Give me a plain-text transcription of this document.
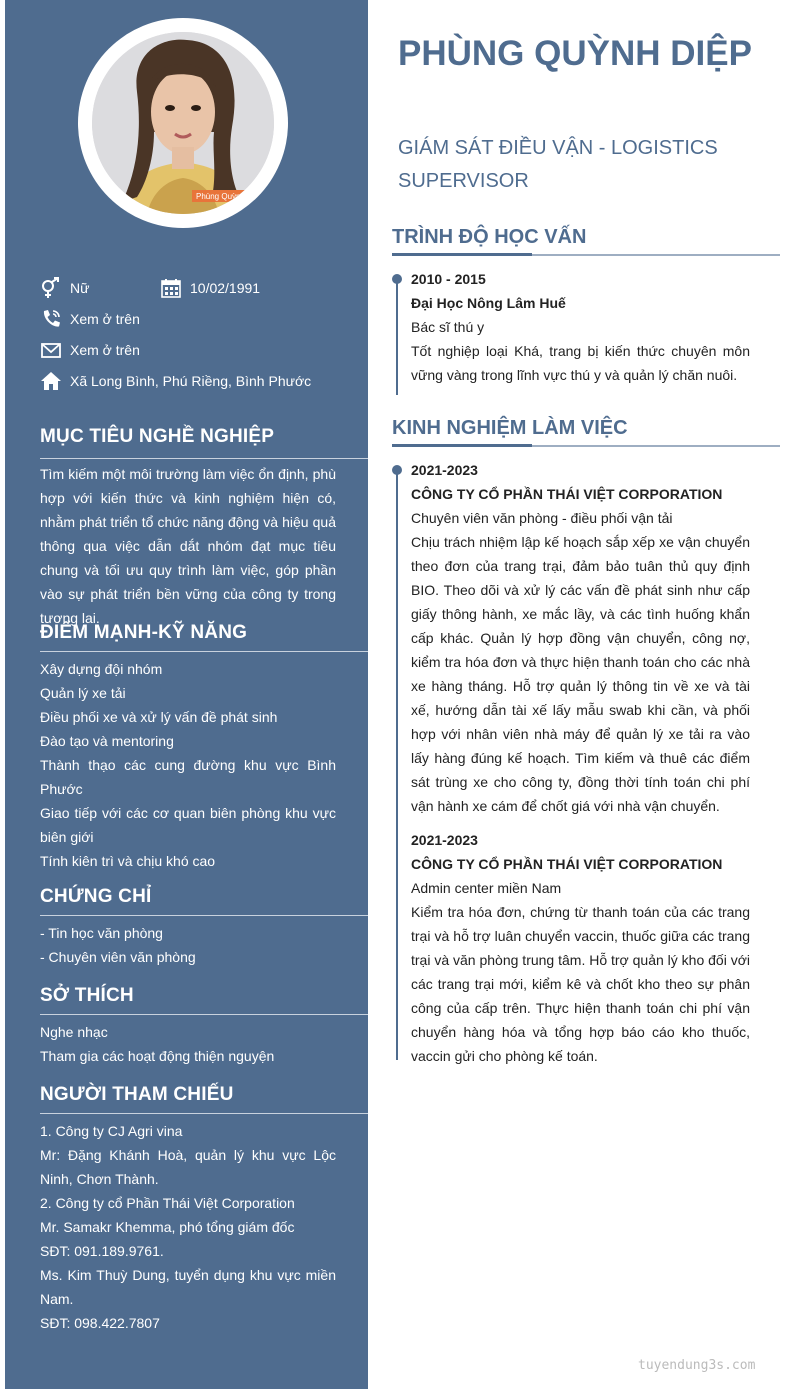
Phùng Quỳnh
Nữ	10/02/1991
Xem ở trên
Xem ở trên
Xã Long Bình, Phú Riềng, Bình Phước
MỤC TIÊU NGHỀ NGHIỆP
Tìm kiếm một môi trường làm việc ổn định, phù hợp với kiến thức và kinh nghiệm hiện có, nhằm phát triển tổ chức năng động và hiệu quả thông qua việc dẫn dắt nhóm đạt mục tiêu chung và tối ưu quy trình làm việc, góp phần vào sự phát triển bền vững của công ty trong tương lai.
ĐIỂM MẠNH-KỸ NĂNG
Xây dựng đội nhóm
Quản lý xe tải
Điều phối xe và xử lý vấn đề phát sinh
Đào tạo và mentoring
Thành thạo các cung đường khu vực Bình Phước
Giao tiếp với các cơ quan biên phòng khu vực biên giới
Tính kiên trì và chịu khó cao
CHỨNG CHỈ
- Tin học văn phòng
- Chuyên viên văn phòng
SỞ THÍCH
Nghe nhạc
Tham gia các hoạt động thiện nguyện
NGƯỜI THAM CHIẾU
1. Công ty CJ Agri vina
Mr: Đặng Khánh Hoà, quản lý khu vực Lộc Ninh, Chơn Thành.
2. Công ty cổ Phần Thái Việt Corporation
Mr. Samakr Khemma, phó tổng giám đốc
SĐT: 091.189.9761.
Ms. Kim Thuỳ Dung, tuyển dụng khu vực miền Nam.
SĐT: 098.422.7807
PHÙNG QUỲNH DIỆP
GIÁM SÁT ĐIỀU VẬN - LOGISTICS SUPERVISOR
TRÌNH ĐỘ HỌC VẤN
2010 - 2015
Đại Học Nông Lâm Huế
Bác sĩ thú y
Tốt nghiệp loại Khá, trang bị kiến thức chuyên môn vững vàng trong lĩnh vực thú y và quản lý chăn nuôi.
KINH NGHIỆM LÀM VIỆC
2021-2023
CÔNG TY CỔ PHẦN THÁI VIỆT CORPORATION
Chuyên viên văn phòng - điều phối vận tải
Chịu trách nhiệm lập kế hoạch sắp xếp xe vận chuyển theo đơn của trang trại, đảm bảo tuân thủ quy định BIO. Theo dõi và xử lý các vấn đề phát sinh như cấp giấy thông hành, xe mắc lầy, và các tình huống khẩn cấp khác. Quản lý hợp đồng vận chuyển, công nợ, kiểm tra hóa đơn và thực hiện thanh toán cho các nhà xe hàng tháng. Hỗ trợ quản lý thông tin về xe và tài xế, hướng dẫn tài xế lấy mẫu swab khi cần, và phối hợp với nhân viên nhà máy để quản lý xe tải ra vào lấy hàng đúng kế hoạch. Tìm kiếm và thuê các điểm sát trùng xe cho công ty, đồng thời tính toán chi phí vận hành xe cám để chốt giá với nhà vận chuyển.
2021-2023
CÔNG TY CỔ PHẦN THÁI VIỆT CORPORATION
Admin center miền Nam
Kiểm tra hóa đơn, chứng từ thanh toán của các trang trại và hỗ trợ luân chuyển vaccin, thuốc giữa các trang trại và văn phòng trung tâm. Hỗ trợ quản lý kho đối với các trang trại mới, kiểm kê và chốt kho theo sự phân công của cấp trên. Thực hiện thanh toán chi phí vận chuyển hàng hóa và tổng hợp báo cáo kho thuốc, vaccin gửi cho phòng kế toán.
tuyendung3s.com
